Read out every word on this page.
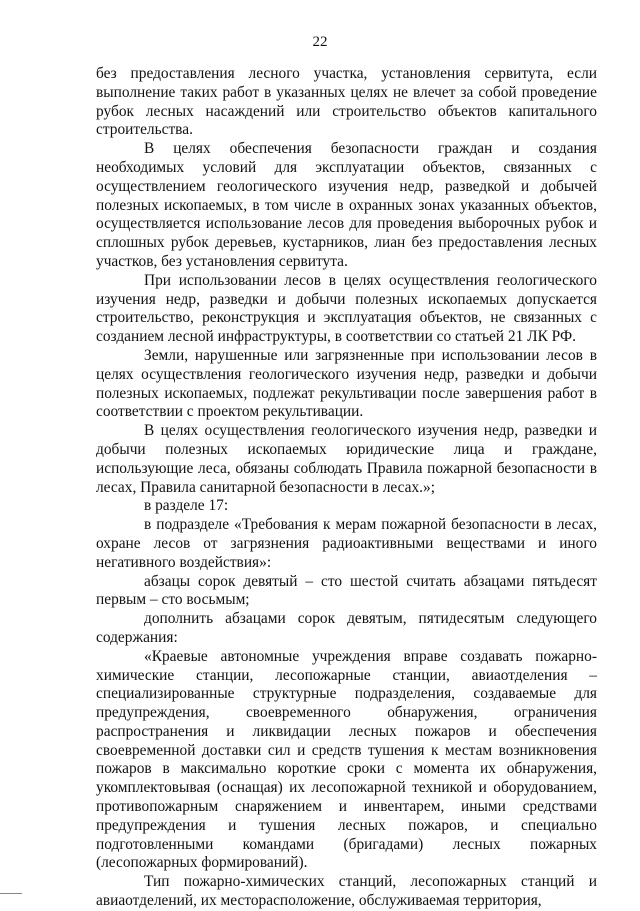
22

без предоставления лесного участка, установления сервитута, если выполнение таких работ в указанных целях не влечет за собой проведение рубок лесных насаждений или строительство объектов капитального строительства.

В целях обеспечения безопасности граждан и создания необходимых условий для эксплуатации объектов, связанных с осуществлением геологического изучения недр, разведкой и добычей полезных ископаемых, в том числе в охранных зонах указанных объектов, осуществляется использование лесов для проведения выборочных рубок и сплошных рубок деревьев, кустарников, лиан без предоставления лесных участков, без установления сервитута.

При использовании лесов в целях осуществления геологического изучения недр, разведки и добычи полезных ископаемых допускается строительство, реконструкция и эксплуатация объектов, не связанных с созданием лесной инфраструктуры, в соответствии со статьей 21 ЛК РФ.

Земли, нарушенные или загрязненные при использовании лесов в целях осуществления геологического изучения недр, разведки и добычи полезных ископаемых, подлежат рекультивации после завершения работ в соответствии с проектом рекультивации.

В целях осуществления геологического изучения недр, разведки и добычи полезных ископаемых юридические лица и граждане, использующие леса, обязаны соблюдать Правила пожарной безопасности в лесах, Правила санитарной безопасности в лесах.»;

в разделе 17:

в подразделе «Требования к мерам пожарной безопасности в лесах, охране лесов от загрязнения радиоактивными веществами и иного негативного воздействия»:

абзацы сорок девятый – сто шестой считать абзацами пятьдесят первым – сто восьмым;

дополнить абзацами сорок девятым, пятидесятым следующего содержания:

«Краевые автономные учреждения вправе создавать пожарно-химические станции, лесопожарные станции, авиаотделения – специализированные структурные подразделения, создаваемые для предупреждения, своевременного обнаружения, ограничения распространения и ликвидации лесных пожаров и обеспечения своевременной доставки сил и средств тушения к местам возникновения пожаров в максимально короткие сроки с момента их обнаружения, укомплектовывая (оснащая) их лесопожарной техникой и оборудованием, противопожарным снаряжением и инвентарем, иными средствами предупреждения и тушения лесных пожаров, и специально подготовленными командами (бригадами) лесных пожарных (лесопожарных формирований).

Тип пожарно-химических станций, лесопожарных станций и авиаотделений, их месторасположение, обслуживаемая территория,
